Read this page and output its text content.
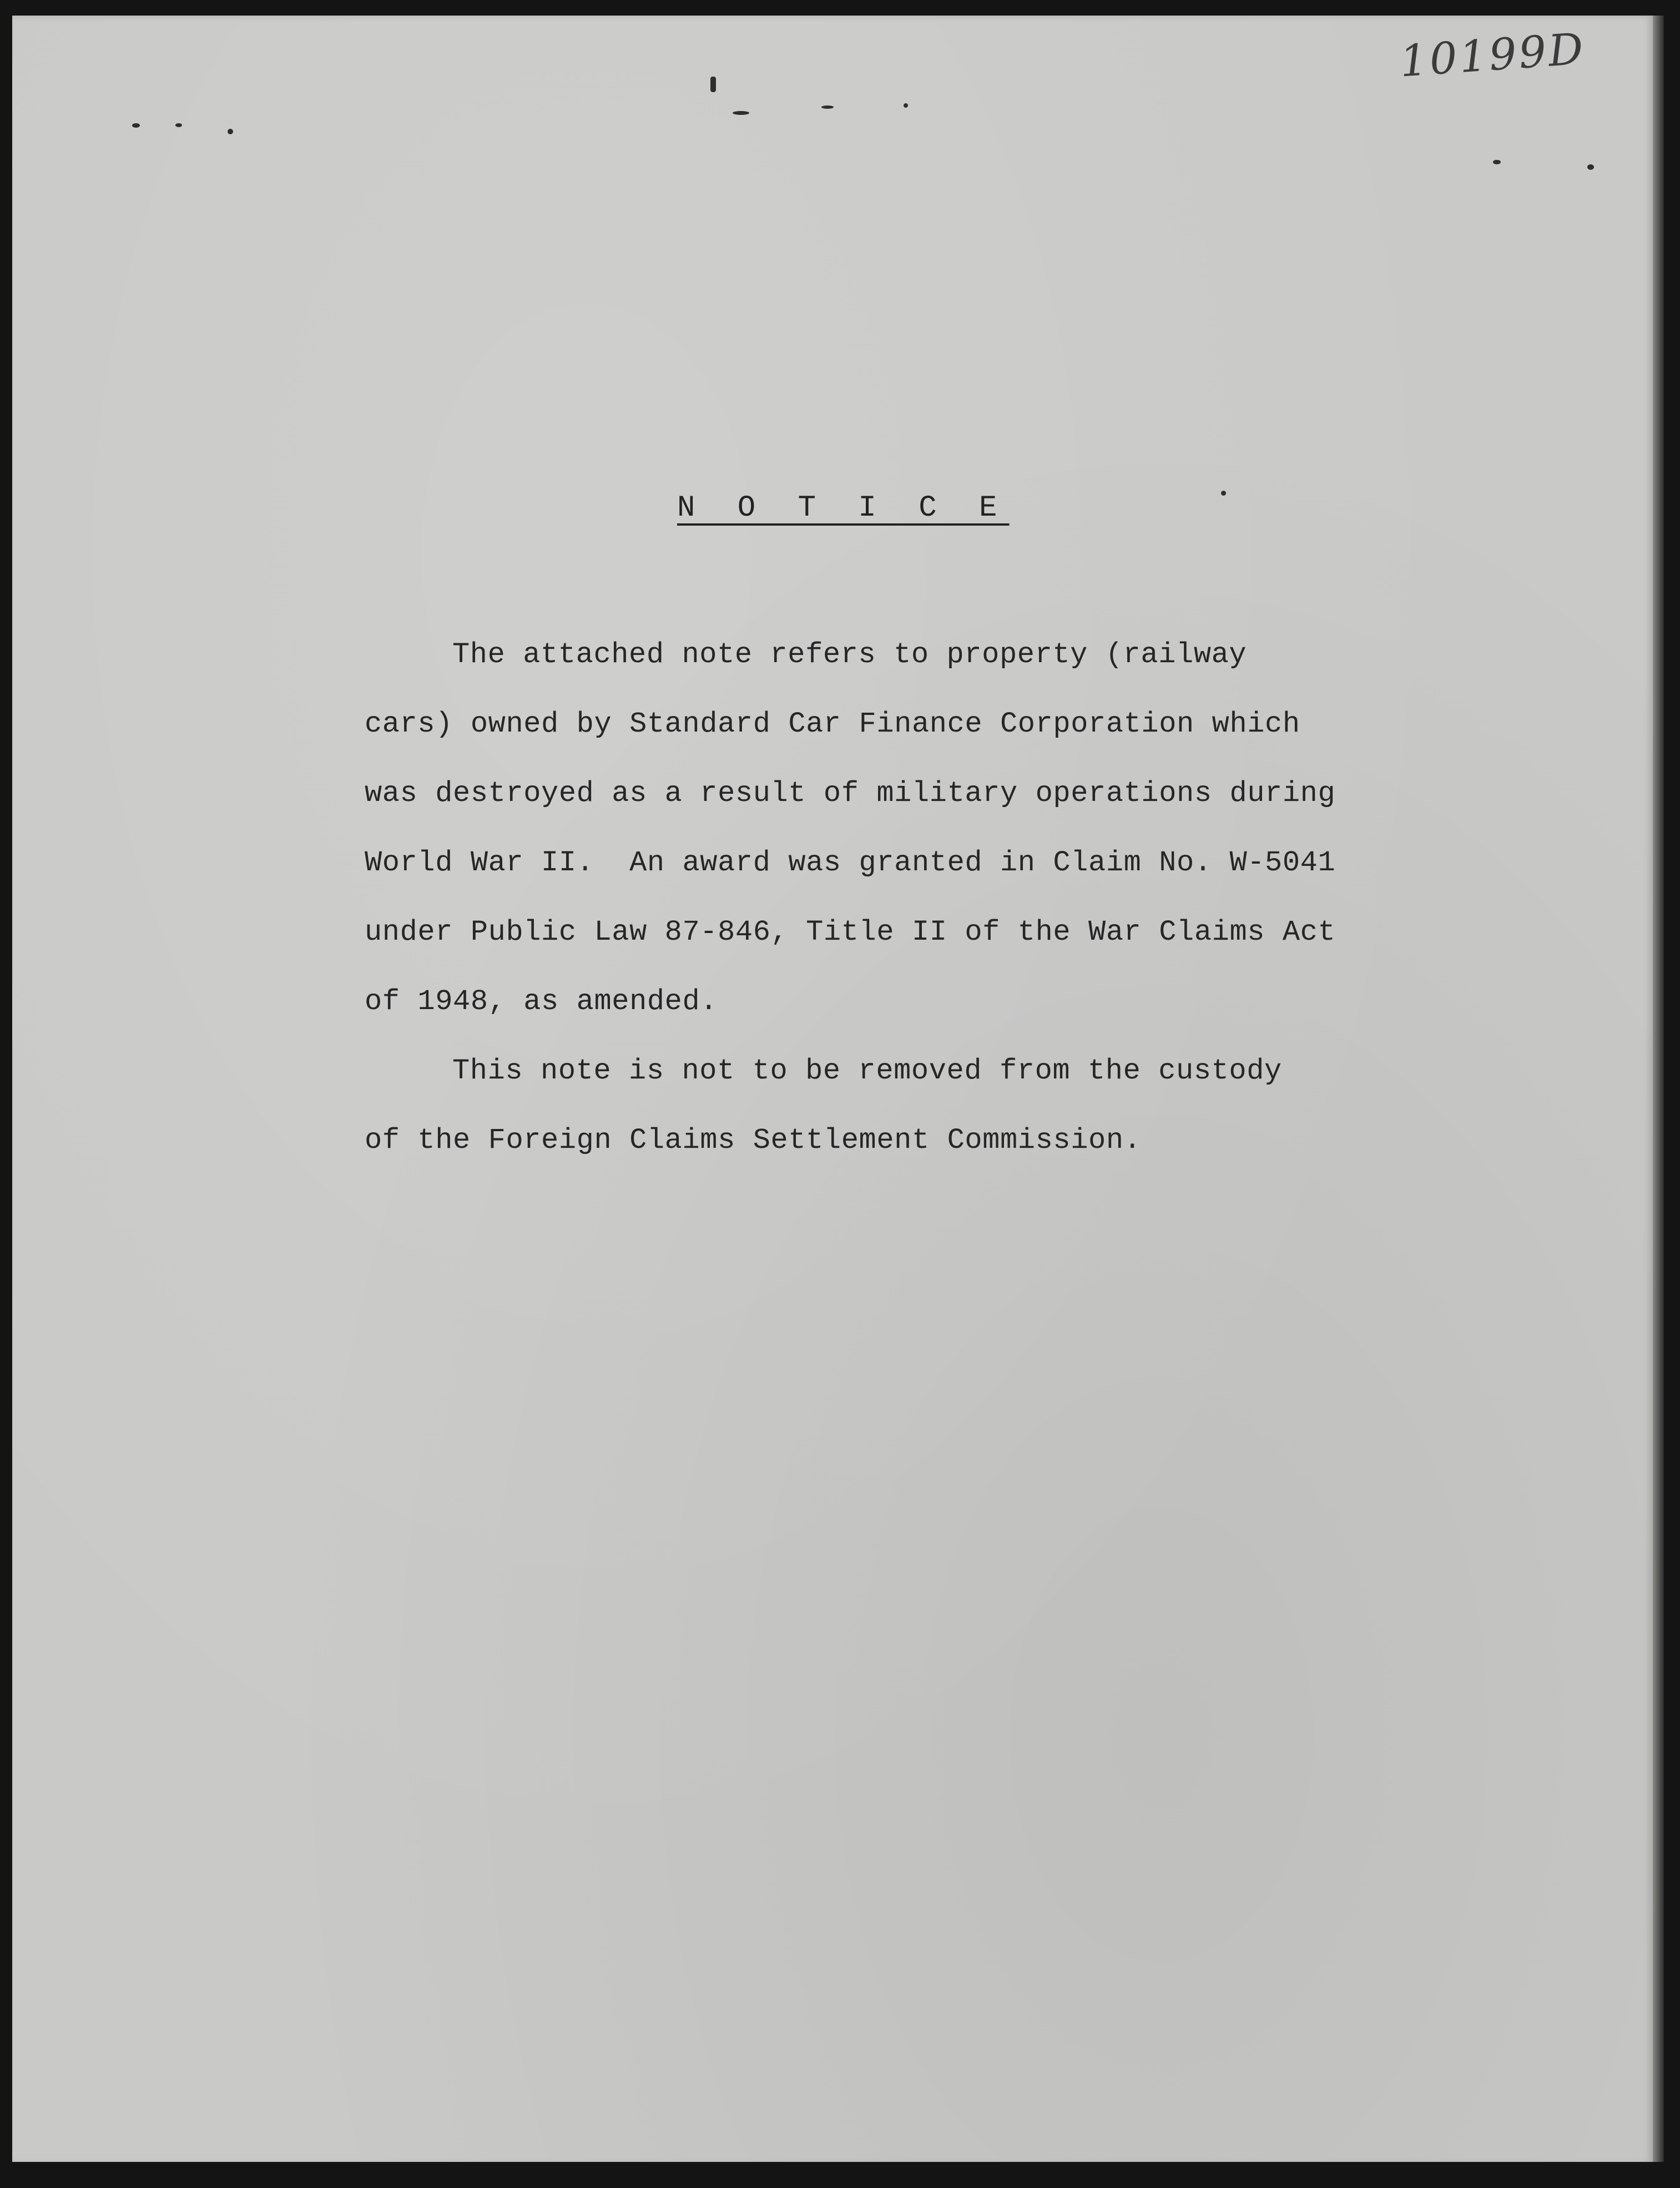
10199D
N O T I C E
The attached note refers to property (railway
cars) owned by Standard Car Finance Corporation which
was destroyed as a result of military operations during
World War II.  An award was granted in Claim No. W-5041
under Public Law 87-846, Title II of the War Claims Act
of 1948, as amended.
This note is not to be removed from the custody
of the Foreign Claims Settlement Commission.
